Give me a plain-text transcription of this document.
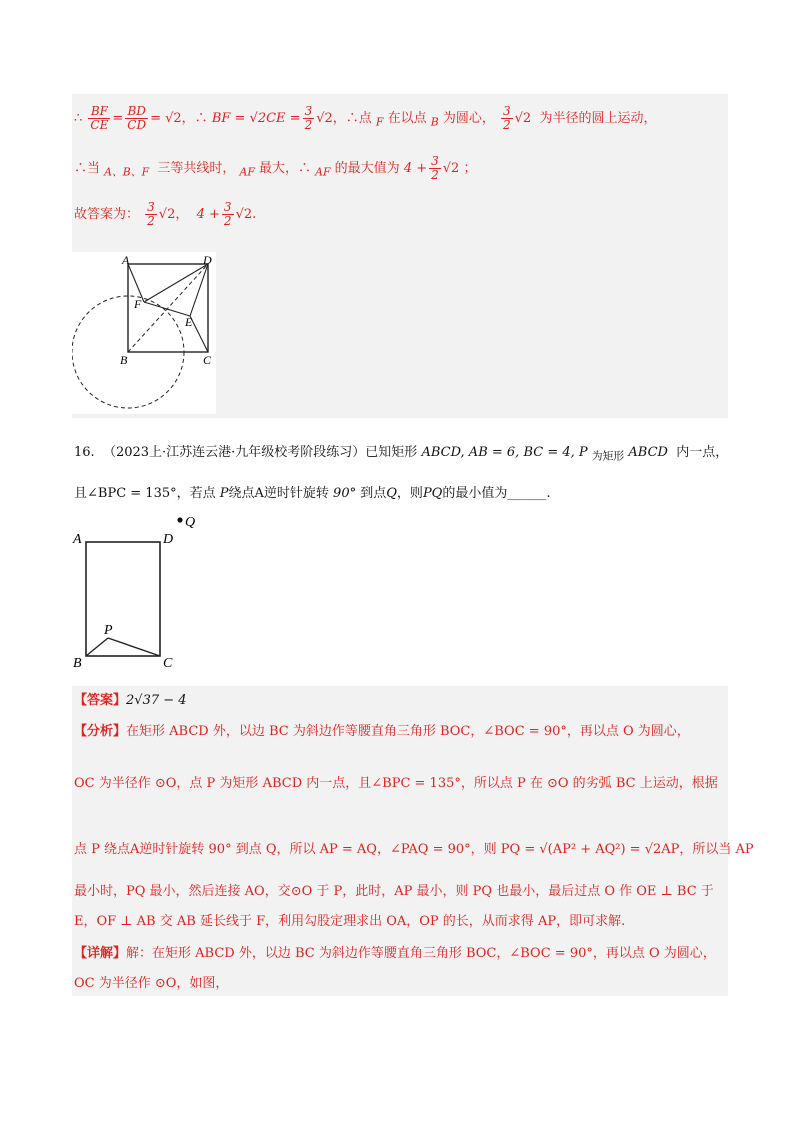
∴ $\frac{BF}{CE} = \frac{BD}{CD} = √2$，∴ BF = $√2CE = \frac{3}{2} √2$，∴点 $_F$ 在以点 $_B$ 为圆心， $\frac{3}{2} √2$ 为半径的圆上运动，
∴当 $_{A、B、F}$ 三等共线时， $_{AF}$ 最大，∴ $_{AF}$ 的最大值为 $4 + \frac{3}{2} √2$ ；
故答案为： $\frac{3}{2} √2$， $4 + \frac{3}{2} √2$.
A	D
F
E
B	C
16. （2023上·江苏连云港·九年级校考阶段练习）已知矩形 ABCD, AB = 6, BC = 4, P $_{为矩形}$ ABCD 内一点，
且∠BPC = 135°，若点 P绕点A逆时针旋转 90° 到点Q，则PQ的最小值为______.
Q
A	D
P
B	C
【答案】2√37 − 4
【分析】在矩形 ABCD 外，以边 BC 为斜边作等腰直角三角形 BOC，∠BOC = 90°，再以点 O 为圆心，
OC 为半径作 ⊙O，点 P 为矩形 ABCD 内一点，且∠BPC = 135°，所以点 P 在 ⊙O 的劣弧 BC 上运动，根据
点 P 绕点A逆时针旋转 90° 到点 Q，所以 AP = AQ，∠PAQ = 90°，则 PQ = √(AP² + AQ²) = √2AP，所以当 AP
最小时，PQ 最小，然后连接 AO，交⊙O 于 P，此时，AP 最小，则 PQ 也最小，最后过点 O 作 OE ⊥ BC 于
E，OF ⊥ AB 交 AB 延长线于 F，利用勾股定理求出 OA，OP 的长，从而求得 AP，即可求解.
【详解】解：在矩形 ABCD 外，以边 BC 为斜边作等腰直角三角形 BOC，∠BOC = 90°，再以点 O 为圆心，
OC 为半径作 ⊙O，如图，
